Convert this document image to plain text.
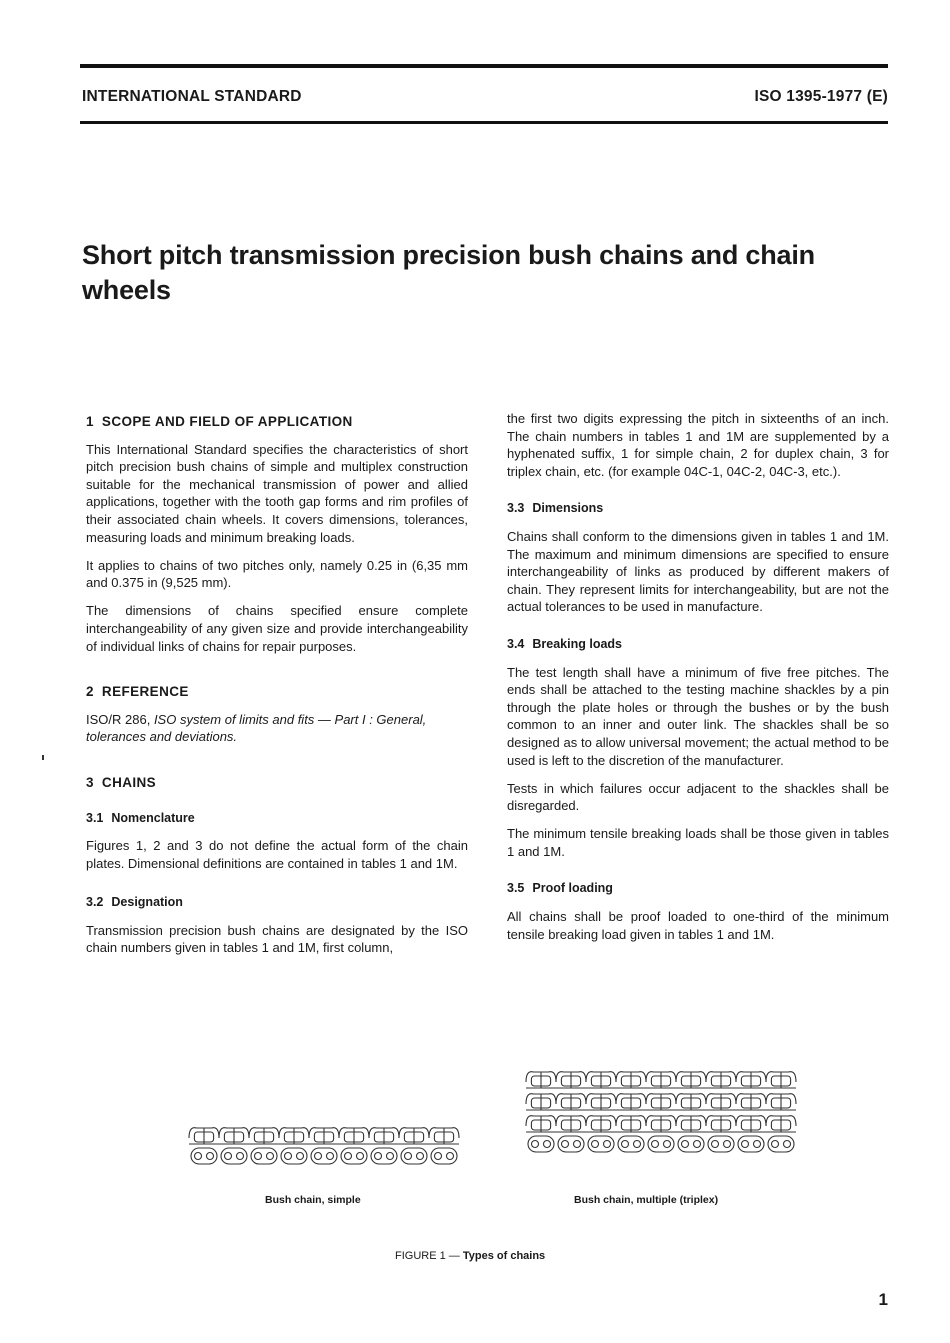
INTERNATIONAL STANDARD	ISO 1395-1977 (E)
Short pitch transmission precision bush chains and chain wheels
1 SCOPE AND FIELD OF APPLICATION

This International Standard specifies the characteristics of short pitch precision bush chains of simple and multiplex construction suitable for the mechanical transmission of power and allied applications, together with the tooth gap forms and rim profiles of their associated chain wheels. It covers dimensions, tolerances, measuring loads and minimum breaking loads.

It applies to chains of two pitches only, namely 0.25 in (6,35 mm and 0.375 in (9,525 mm).

The dimensions of chains specified ensure complete interchangeability of any given size and provide interchangeability of individual links of chains for repair purposes.

2 REFERENCE

ISO/R 286, ISO system of limits and fits — Part I : General, tolerances and deviations.

3 CHAINS
3.1 Nomenclature

Figures 1, 2 and 3 do not define the actual form of the chain plates. Dimensional definitions are contained in tables 1 and 1M.

3.2 Designation

Transmission precision bush chains are designated by the ISO chain numbers given in tables 1 and 1M, first column,

the first two digits expressing the pitch in sixteenths of an inch. The chain numbers in tables 1 and 1M are supplemented by a hyphenated suffix, 1 for simple chain, 2 for duplex chain, 3 for triplex chain, etc. (for example 04C-1, 04C-2, 04C-3, etc.).

3.3 Dimensions

Chains shall conform to the dimensions given in tables 1 and 1M. The maximum and minimum dimensions are specified to ensure interchangeability of links as produced by different makers of chain. They represent limits for interchangeability, but are not the actual tolerances to be used in manufacture.

3.4 Breaking loads

The test length shall have a minimum of five free pitches. The ends shall be attached to the testing machine shackles by a pin through the plate holes or through the bushes or by the bush common to an inner and outer link. The shackles shall be so designed as to allow universal movement; the actual method to be used is left to the discretion of the manufacturer.

Tests in which failures occur adjacent to the shackles shall be disregarded.

The minimum tensile breaking loads shall be those given in tables 1 and 1M.

3.5 Proof loading

All chains shall be proof loaded to one-third of the minimum tensile breaking load given in tables 1 and 1M.

Bush chain, simple	Bush chain, multiple (triplex)
FIGURE 1 — Types of chains
1
